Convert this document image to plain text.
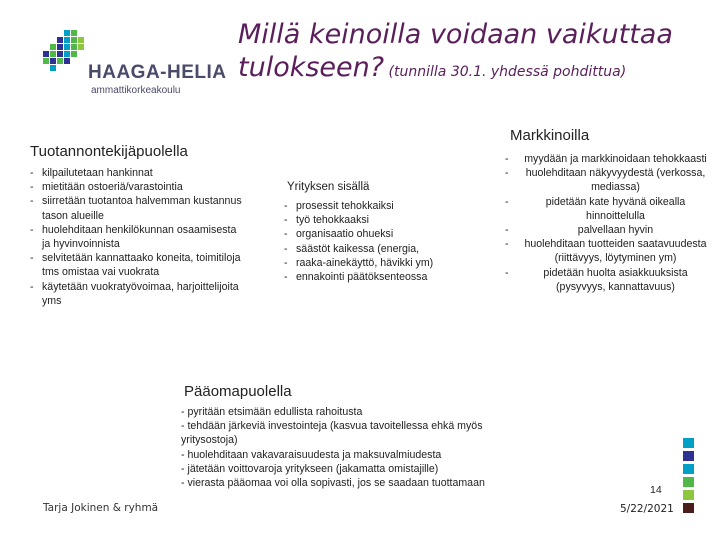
HAAGA-HELIA
ammattikorkeakoulu
Millä keinoilla voidaan vaikuttaa
tulokseen? (tunnilla 30.1. yhdessä pohdittua)
Tuotannontekijäpuolella
- kilpailutetaan hankinnat
- mietitään ostoeriä/varastointia
- siirretään tuotantoa halvemman kustannus tason alueille
- huolehditaan henkilökunnan osaamisesta ja hyvinvoinnista
- selvitetään kannattaako koneita, toimitiloja tms omistaa vai vuokrata
- käytetään vuokratyövoimaa, harjoittelijoita yms
Yrityksen sisällä
- prosessit tehokkaiksi
- työ tehokkaaksi
- organisaatio ohueksi
- säästöt kaikessa (energia,
- raaka-ainekäyttö, hävikki ym)
- ennakointi päätöksenteossa
Markkinoilla
- myydään ja markkinoidaan tehokkaasti
- huolehditaan näkyvyydestä (verkossa, mediassa)
- pidetään kate hyvänä oikealla hinnoittelulla
- palvellaan hyvin
- huolehditaan tuotteiden saatavuudesta (riittävyys, löytyminen ym)
- pidetään huolta asiakkuuksista (pysyvyys, kannattavuus)
Pääomapuolella
- pyritään etsimään edullista rahoitusta
- tehdään järkeviä investointeja (kasvua tavoitellessa ehkä myös
yritysostoja)
- huolehditaan vakavaraisuudesta ja maksuvalmiudesta
- jätetään voittovaroja yritykseen (jakamatta omistajille)
- vierasta pääomaa voi olla sopivasti, jos se saadaan tuottamaan
Tarja Jokinen & ryhmä
14
5/22/2021
